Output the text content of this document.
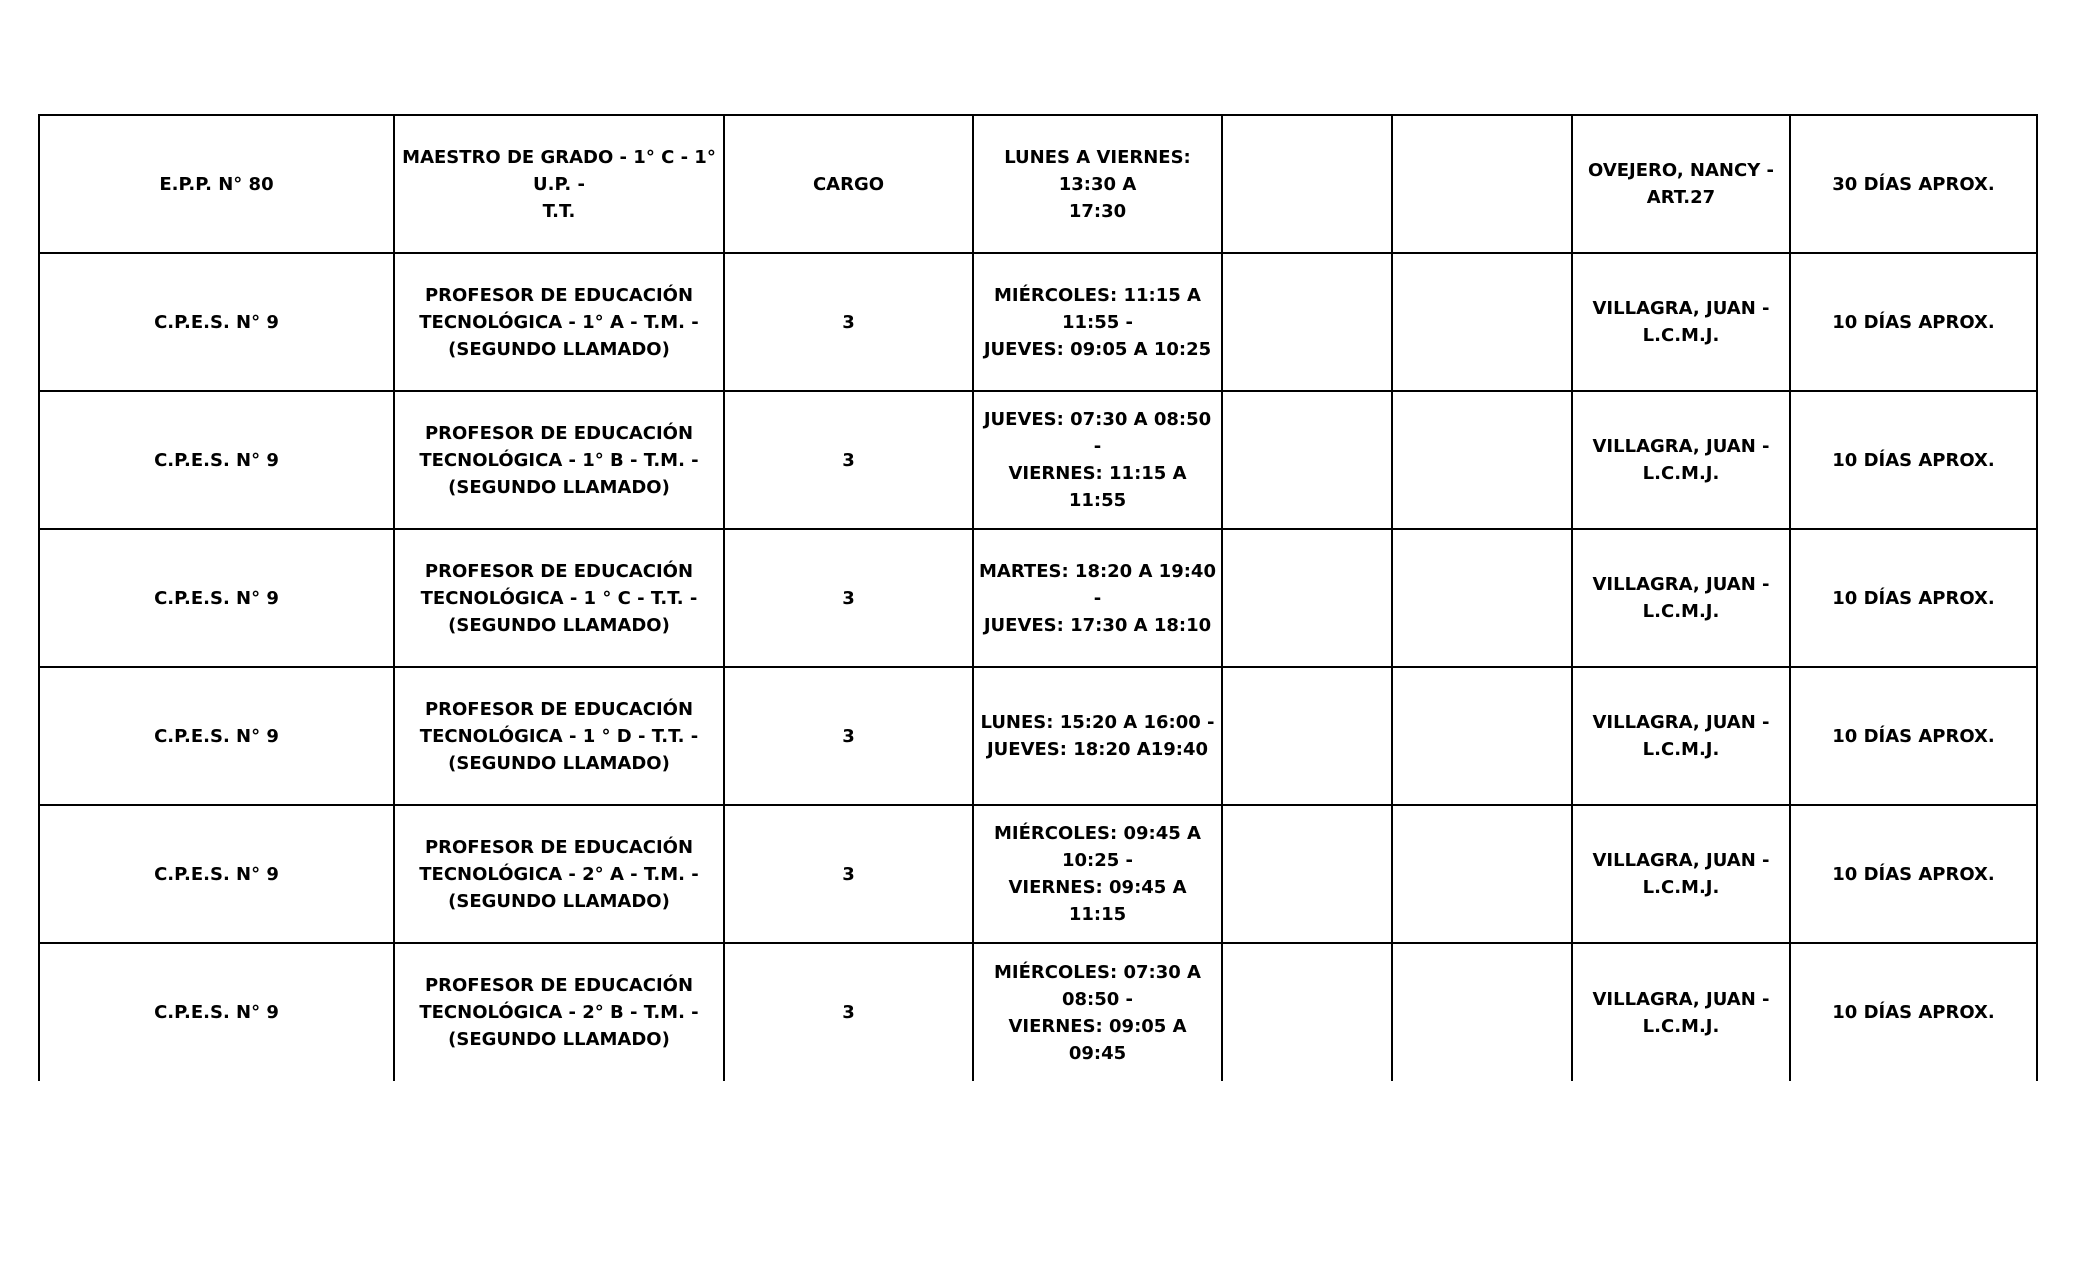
E.P.P. N° 80	MAESTRO DE GRADO - 1° C - 1° U.P. -
T.T.	CARGO	LUNES A VIERNES: 13:30 A
17:30			OVEJERO, NANCY -
ART.27	30 DÍAS APROX.
C.P.E.S. N° 9	PROFESOR DE EDUCACIÓN
TECNOLÓGICA - 1° A - T.M. -
(SEGUNDO LLAMADO)	3	MIÉRCOLES: 11:15 A 11:55 -
JUEVES: 09:05 A 10:25			VILLAGRA, JUAN -
L.C.M.J.	10 DÍAS APROX.
C.P.E.S. N° 9	PROFESOR DE EDUCACIÓN
TECNOLÓGICA - 1° B - T.M. -
(SEGUNDO LLAMADO)	3	JUEVES: 07:30 A 08:50 -
VIERNES: 11:15 A 11:55			VILLAGRA, JUAN -
L.C.M.J.	10 DÍAS APROX.
C.P.E.S. N° 9	PROFESOR DE EDUCACIÓN
TECNOLÓGICA - 1 ° C - T.T. -
(SEGUNDO LLAMADO)	3	MARTES: 18:20 A 19:40 -
JUEVES: 17:30 A 18:10			VILLAGRA, JUAN -
L.C.M.J.	10 DÍAS APROX.
C.P.E.S. N° 9	PROFESOR DE EDUCACIÓN
TECNOLÓGICA - 1 ° D - T.T. -
(SEGUNDO LLAMADO)	3	LUNES: 15:20 A 16:00 -
JUEVES: 18:20 A19:40			VILLAGRA, JUAN -
L.C.M.J.	10 DÍAS APROX.
C.P.E.S. N° 9	PROFESOR DE EDUCACIÓN
TECNOLÓGICA - 2° A - T.M. -
(SEGUNDO LLAMADO)	3	MIÉRCOLES: 09:45 A 10:25 -
VIERNES: 09:45 A 11:15			VILLAGRA, JUAN -
L.C.M.J.	10 DÍAS APROX.
C.P.E.S. N° 9	PROFESOR DE EDUCACIÓN
TECNOLÓGICA - 2° B - T.M. -
(SEGUNDO LLAMADO)	3	MIÉRCOLES: 07:30 A 08:50 -
VIERNES: 09:05 A 09:45			VILLAGRA, JUAN -
L.C.M.J.	10 DÍAS APROX.
